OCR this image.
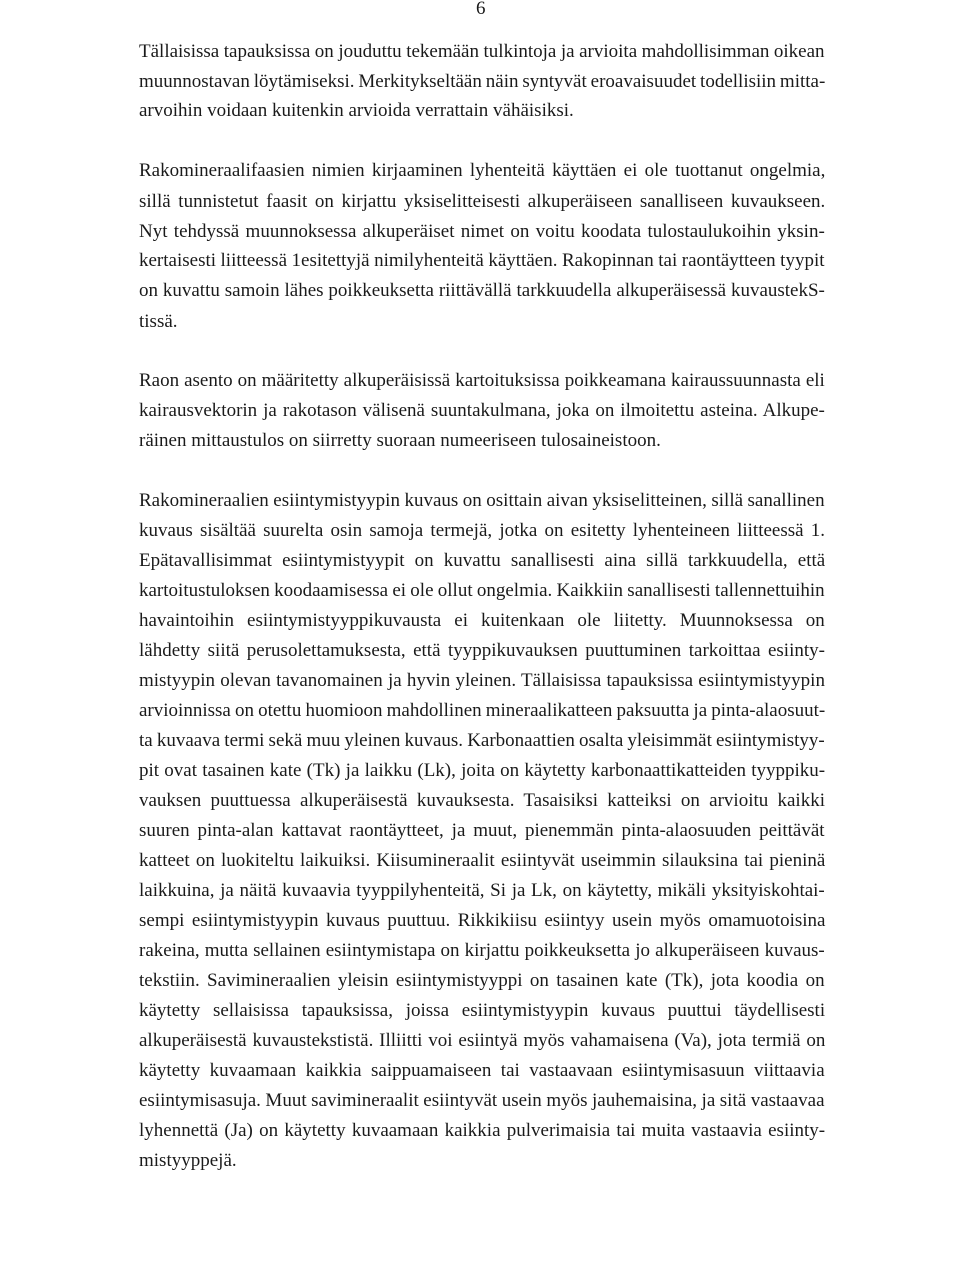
6
Tällaisissa tapauksissa on jouduttu tekemään tulkintoja ja arvioita mahdollisimman oikean
muunnostavan löytämiseksi. Merkitykseltään näin syntyvät eroavaisuudet todellisiin mitta-
arvoihin voidaan kuitenkin arvioida verrattain vähäisiksi.
Rakomineraalifaasien nimien kirjaaminen lyhenteitä käyttäen ei ole tuottanut ongelmia,
sillä tunnistetut faasit on kirjattu yksiselitteisesti alkuperäiseen sanalliseen kuvaukseen.
Nyt tehdyssä muunnoksessa alkuperäiset nimet on voitu koodata tulostaulukoihin yksin-
kertaisesti liitteessä 1esitettyjä nimilyhenteitä käyttäen. Rakopinnan tai raontäytteen tyypit
on kuvattu samoin lähes poikkeuksetta riittävällä tarkkuudella alkuperäisessä kuvaustekS-
tissä.
Raon asento on määritetty alkuperäisissä kartoituksissa poikkeamana kairaussuunnasta eli
kairausvektorin ja rakotason välisenä suuntakulmana, joka on ilmoitettu asteina. Alkupe-
räinen mittaustulos on siirretty suoraan numeeriseen tulosaineistoon.
Rakomineraalien esiintymistyypin kuvaus on osittain aivan yksiselitteinen, sillä sanallinen
kuvaus sisältää suurelta osin samoja termejä, jotka on esitetty lyhenteineen liitteessä 1.
Epätavallisimmat esiintymistyypit on kuvattu sanallisesti aina sillä tarkkuudella, että
kartoitustuloksen koodaamisessa ei ole ollut ongelmia. Kaikkiin sanallisesti tallennettuihin
havaintoihin esiintymistyyppikuvausta ei kuitenkaan ole liitetty. Muunnoksessa on
lähdetty siitä perusolettamuksesta, että tyyppikuvauksen puuttuminen tarkoittaa esiinty-
mistyypin olevan tavanomainen ja hyvin yleinen. Tällaisissa tapauksissa esiintymistyypin
arvioinnissa on otettu huomioon mahdollinen mineraalikatteen paksuutta ja pinta-alaosuut-
ta kuvaava termi sekä muu yleinen kuvaus. Karbonaattien osalta yleisimmät esiintymistyy-
pit ovat tasainen kate (Tk) ja laikku (Lk), joita on käytetty karbonaattikatteiden tyyppiku-
vauksen puuttuessa alkuperäisestä kuvauksesta. Tasaisiksi katteiksi on arvioitu kaikki
suuren pinta-alan kattavat raontäytteet, ja muut, pienemmän pinta-alaosuuden peittävät
katteet on luokiteltu laikuiksi. Kiisumineraalit esiintyvät useimmin silauksina tai pieninä
laikkuina, ja näitä kuvaavia tyyppilyhenteitä, Si ja Lk, on käytetty, mikäli yksityiskohtai-
sempi esiintymistyypin kuvaus puuttuu. Rikkikiisu esiintyy usein myös omamuotoisina
rakeina, mutta sellainen esiintymistapa on kirjattu poikkeuksetta jo alkuperäiseen kuvaus-
tekstiin. Savimineraalien yleisin esiintymistyyppi on tasainen kate (Tk), jota koodia on
käytetty sellaisissa tapauksissa, joissa esiintymistyypin kuvaus puuttui täydellisesti
alkuperäisestä kuvaustekstistä. Illiitti voi esiintyä myös vahamaisena (Va), jota termiä on
käytetty kuvaamaan kaikkia saippuamaiseen tai vastaavaan esiintymisasuun viittaavia
esiintymisasuja. Muut savimineraalit esiintyvät usein myös jauhemaisina, ja sitä vastaavaa
lyhennettä (Ja) on käytetty kuvaamaan kaikkia pulverimaisia tai muita vastaavia esiinty-
mistyyppejä.
